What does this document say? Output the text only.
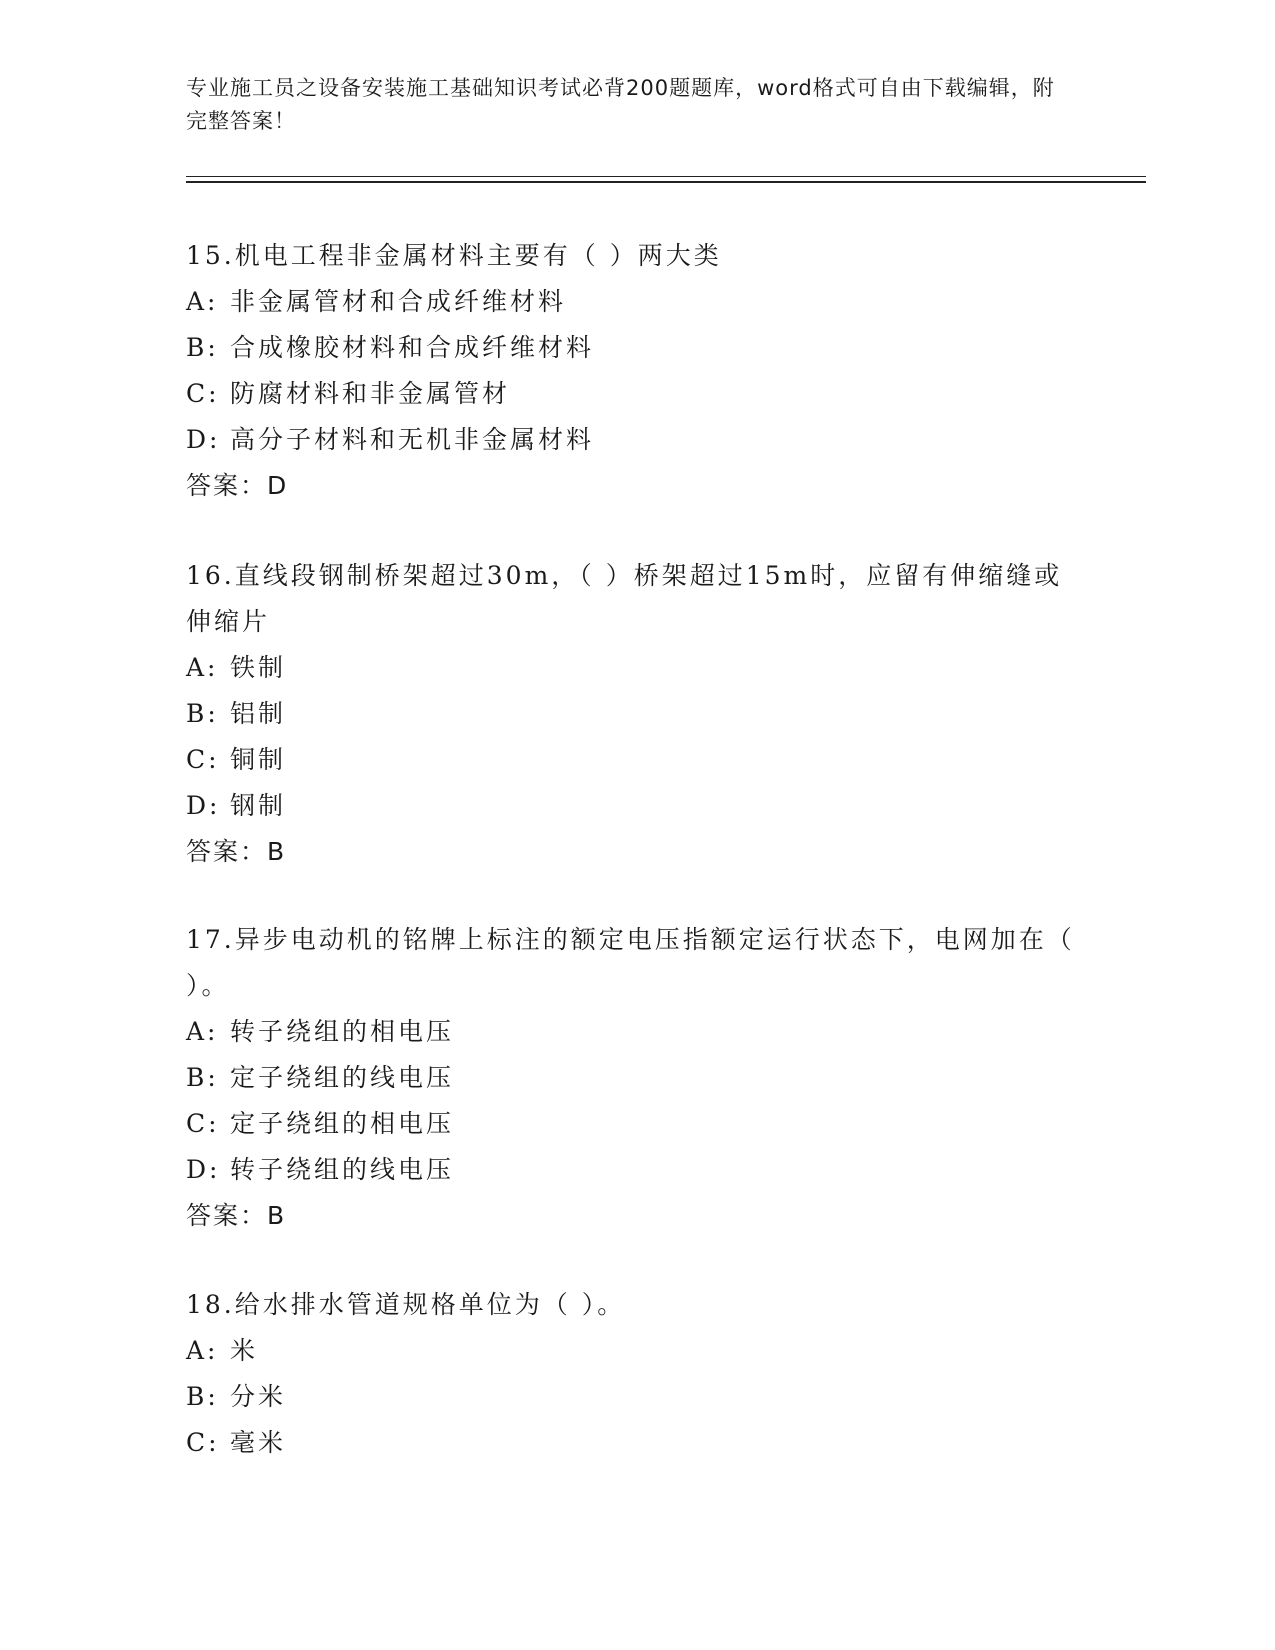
专业施工员之设备安装施工基础知识考试必背200题题库，word格式可自由下载编辑，附完整答案！
15.机电工程非金属材料主要有（ ）两大类
A: 非金属管材和合成纤维材料
B: 合成橡胶材料和合成纤维材料
C: 防腐材料和非金属管材
D: 高分子材料和无机非金属材料
答案：D
16.直线段钢制桥架超过30m，（ ）桥架超过15m时，应留有伸缩缝或伸缩片
A: 铁制
B: 铝制
C: 铜制
D: 钢制
答案：B
17.异步电动机的铭牌上标注的额定电压指额定运行状态下，电网加在（ ）。
A: 转子绕组的相电压
B: 定子绕组的线电压
C: 定子绕组的相电压
D: 转子绕组的线电压
答案：B
18.给水排水管道规格单位为（ ）。
A: 米
B: 分米
C: 毫米
